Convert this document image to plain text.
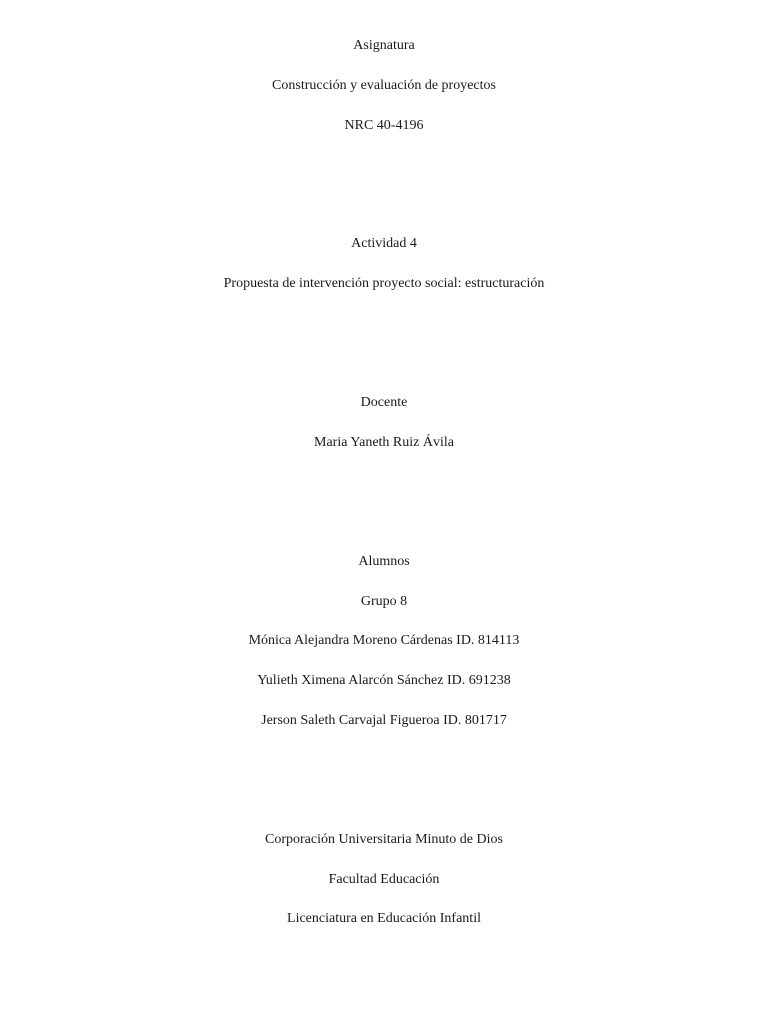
Asignatura

Construcción y evaluación de proyectos

NRC 40-4196

Actividad 4

Propuesta de intervención proyecto social: estructuración

Docente

Maria Yaneth Ruiz Ávila

Alumnos

Grupo 8

Mónica Alejandra Moreno Cárdenas ID. 814113

Yulieth Ximena Alarcón Sánchez ID. 691238

Jerson Saleth Carvajal Figueroa ID. 801717

Corporación Universitaria Minuto de Dios

Facultad Educación

Licenciatura en Educación Infantil
